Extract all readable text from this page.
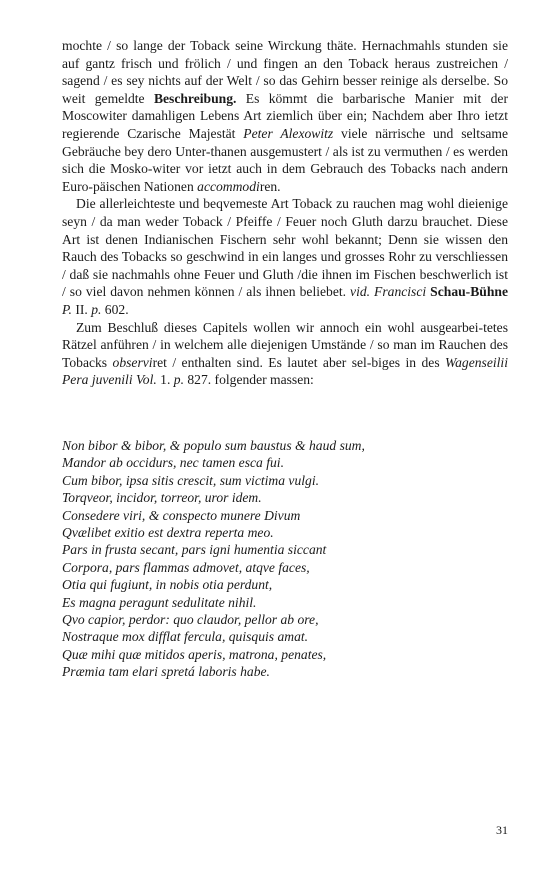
mochte / so lange der Toback seine Wirckung thäte. Hernachmahls stunden sie auf gantz frisch und frölich / und fingen an den Toback heraus zustreichen / sagend / es sey nichts auf der Welt / so das Gehirn besser reinige als derselbe. So weit gemeldte Beschreibung. Es kömmt die barbarische Manier mit der Moscowiter damahligen Lebens Art ziemlich über ein; Nachdem aber Ihro ietzt regierende Czarische Majestät Peter Alexowitz viele närrische und seltsame Gebräuche bey dero Unter-thanen ausgemustert / als ist zu vermuthen / es werden sich die Mosko-witer vor ietzt auch in dem Gebrauch des Tobacks nach andern Euro-päischen Nationen accommodiren.

Die allerleichteste und beqvemeste Art Toback zu rauchen mag wohl dieienige seyn / da man weder Toback / Pfeiffe / Feuer noch Gluth darzu brauchet. Diese Art ist denen Indianischen Fischern sehr wohl bekannt; Denn sie wissen den Rauch des Tobacks so geschwind in ein langes und grosses Rohr zu verschliessen / daß sie nachmahls ohne Feuer und Gluth /die ihnen im Fischen beschwerlich ist / so viel davon nehmen können / als ihnen beliebet. vid. Francisci Schau-Bühne P. II. p. 602.

Zum Beschluß dieses Capitels wollen wir annoch ein wohl ausgearbei-tetes Rätzel anführen / in welchem alle diejenigen Umstände / so man im Rauchen des Tobacks observiret / enthalten sind. Es lautet aber sel-biges in des Wagenseilii Pera juvenili Vol. 1. p. 827. folgender massen:

Non bibor & bibor, & populo sum baustus & haud sum,
Mandor ab occidurs, nec tamen esca fui.
Cum bibor, ipsa sitis crescit, sum victima vulgi.
Torqveor, incidor, torreor, uror idem.
Consedere viri, & conspecto munere Divum
Qvælibet exitio est dextra reperta meo.
Pars in frusta secant, pars igni humentia siccant
Corpora, pars flammas admovet, atqve faces,
Otia qui fugiunt, in nobis otia perdunt,
Es magna peragunt sedulitate nihil.
Qvo capior, perdor: quo claudor, pellor ab ore,
Nostraque mox difflat fercula, quisquis amat.
Quæ mihi quæ mitidos aperis, matrona, penates,
Præmia tam elari spretá laboris habe.
31
